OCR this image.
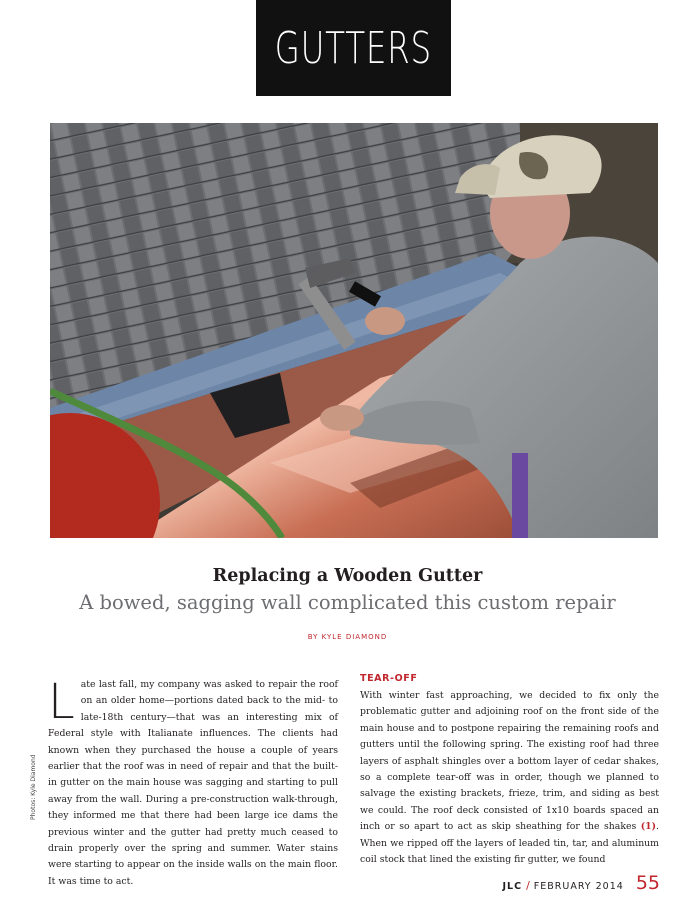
GUTTERS
Photos: Kyle Diamond
Replacing a Wooden Gutter
A bowed, sagging wall complicated this custom repair
BY KYLE DIAMOND
L ate last fall, my company was asked to repair the roof on an older home—portions dated back to the mid- to late-18th century—that was an interesting mix of Federal style with Italianate influences. The clients had known when they purchased the house a couple of years earlier that the roof was in need of repair and that the built-in gutter on the main house was sagging and starting to pull away from the wall. During a pre-construction walk-through, they informed me that there had been large ice dams the previous winter and the gutter had pretty much ceased to drain properly over the spring and summer. Water stains were starting to appear on the inside walls on the main floor. It was time to act.
TEAR-OFF
With winter fast approaching, we decided to fix only the problematic gutter and adjoining roof on the front side of the main house and to postpone repairing the remaining roofs and gutters until the following spring. The existing roof had three layers of asphalt shingles over a bottom layer of cedar shakes, so a complete tear-off was in order, though we planned to salvage the existing brackets, frieze, trim, and siding as best we could. The roof deck consisted of 1x10 boards spaced an inch or so apart to act as skip sheathing for the shakes (1). When we ripped off the layers of leaded tin, tar, and aluminum coil stock that lined the existing fir gutter, we found
JLC / FEBRUARY 2014 55
